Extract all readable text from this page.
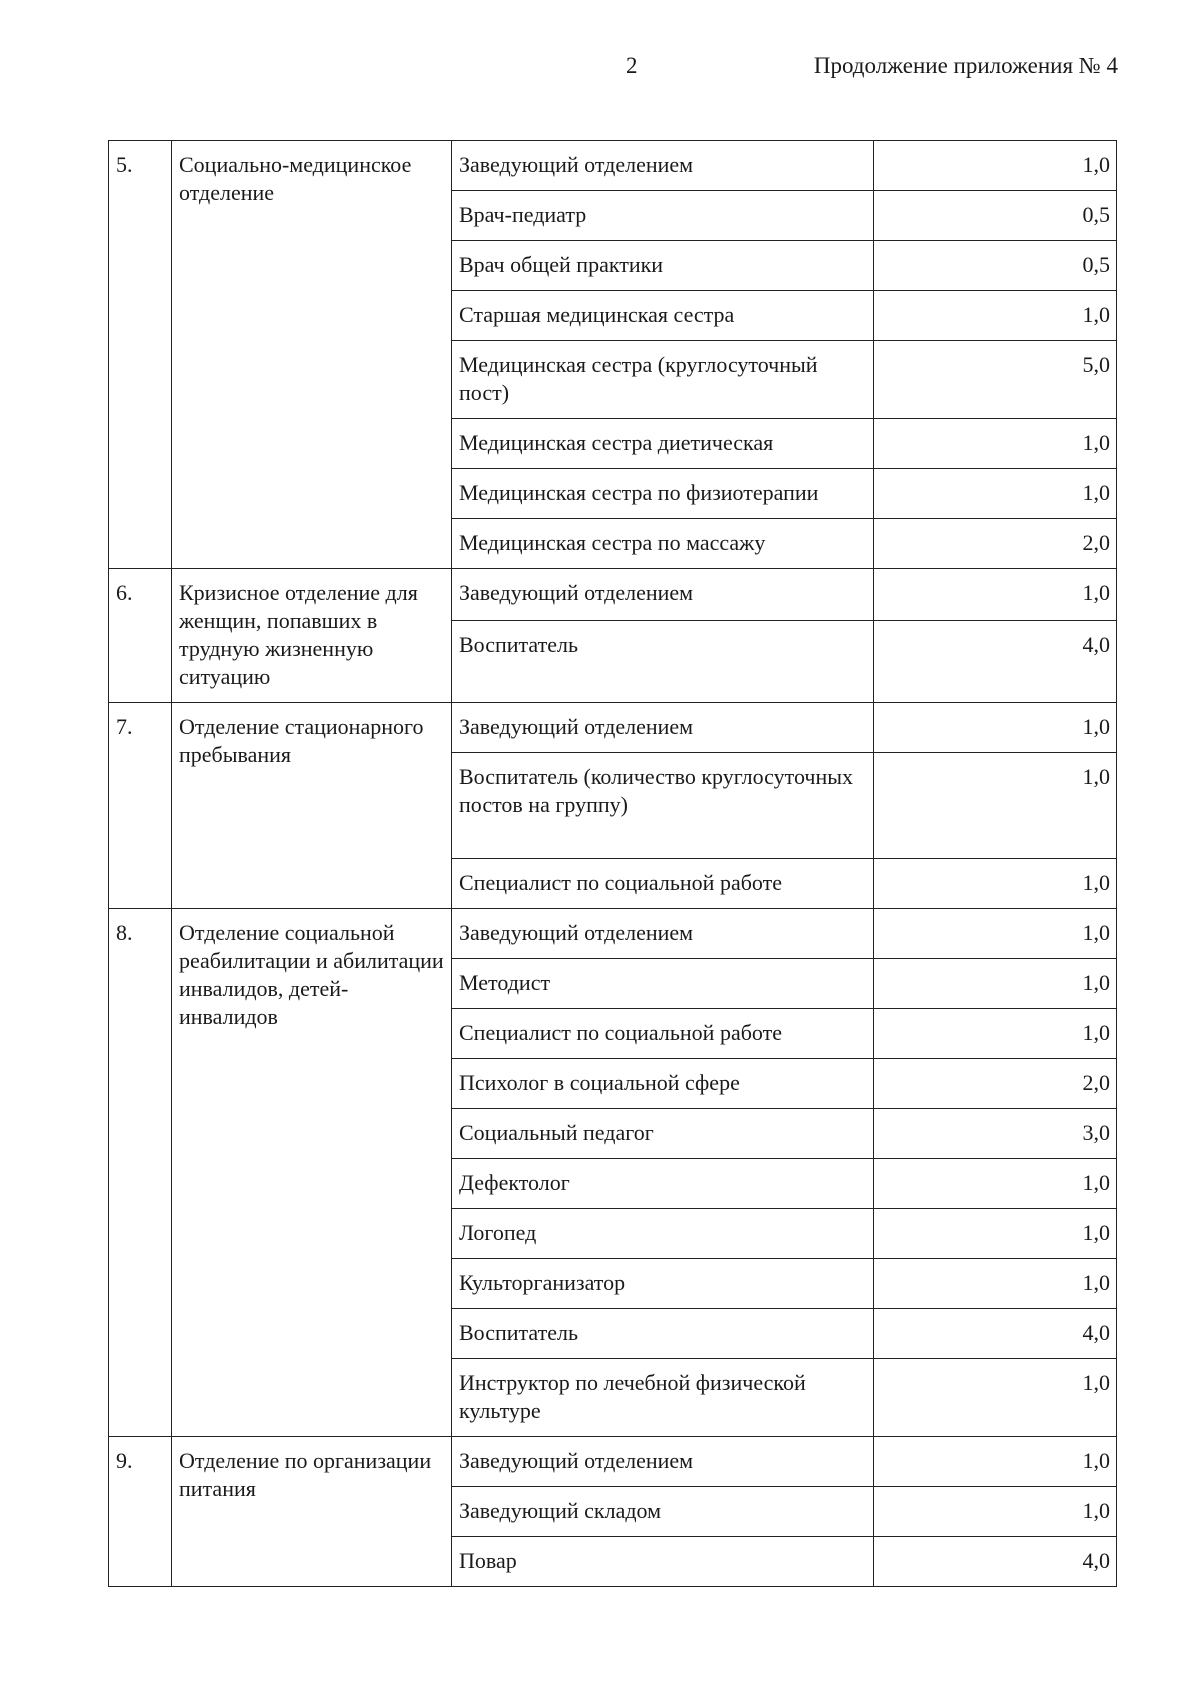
2	Продолжение приложения № 4
5.	Социально-медицинское отделение	Заведующий отделением	1,0
		Врач-педиатр	0,5
		Врач общей практики	0,5
		Старшая медицинская сестра	1,0
		Медицинская сестра (круглосуточный пост)	5,0
		Медицинская сестра диетическая	1,0
		Медицинская сестра по физиотерапии	1,0
		Медицинская сестра по массажу	2,0
6.	Кризисное отделение для женщин, попавших в трудную жизненную ситуацию	Заведующий отделением	1,0
		Воспитатель	4,0
7.	Отделение стационарного пребывания	Заведующий отделением	1,0
		Воспитатель (количество круглосуточных постов на группу)	1,0
		Специалист по социальной работе	1,0
8.	Отделение социальной реабилитации и абилитации инвалидов, детей-инвалидов	Заведующий отделением	1,0
		Методист	1,0
		Специалист по социальной работе	1,0
		Психолог в социальной сфере	2,0
		Социальный педагог	3,0
		Дефектолог	1,0
		Логопед	1,0
		Культорганизатор	1,0
		Воспитатель	4,0
		Инструктор по лечебной физической культуре	1,0
9.	Отделение по организации питания	Заведующий отделением	1,0
		Заведующий складом	1,0
		Повар	4,0
